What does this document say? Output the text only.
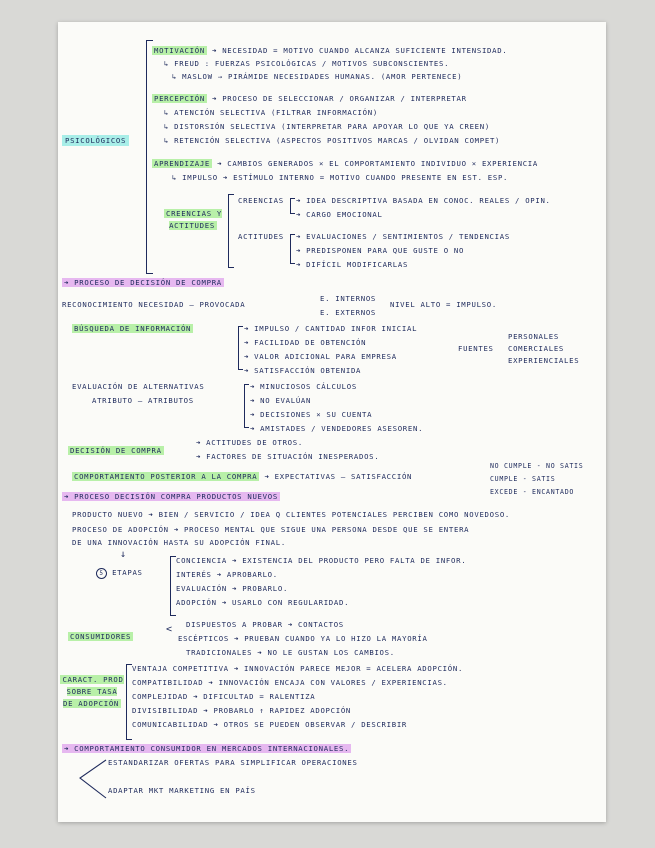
PSICOLÓGICOS
MOTIVACIÓN ➜ NECESIDAD = MOTIVO CUANDO ALCANZA SUFICIENTE INTENSIDAD.
↳ FREUD : FUERZAS PSICOLÓGICAS / MOTIVOS SUBCONSCIENTES.
↳ MASLOW → PIRÁMIDE NECESIDADES HUMANAS. (AMOR PERTENECE)
PERCEPCIÓN ➜ PROCESO DE SELECCIONAR / ORGANIZAR / INTERPRETAR
↳ ATENCIÓN SELECTIVA (FILTRAR INFORMACIÓN)
↳ DISTORSIÓN SELECTIVA (INTERPRETAR PARA APOYAR LO QUE YA CREEN)
↳ RETENCIÓN SELECTIVA (ASPECTOS POSITIVOS MARCAS / OLVIDAN COMPET)
APRENDIZAJE ➜ CAMBIOS GENERADOS × EL COMPORTAMIENTO INDIVIDUO × EXPERIENCIA
↳ IMPULSO ➜ ESTÍMULO INTERNO = MOTIVO CUANDO PRESENTE EN EST. ESP.
CREENCIAS Y ACTITUDES
CREENCIAS ➜ IDEA DESCRIPTIVA BASADA EN CONOC. REALES / OPIN.
➜ CARGO EMOCIONAL
ACTITUDES ➜ EVALUACIONES / SENTIMIENTOS / TENDENCIAS
➜ PREDISPONEN PARA QUE GUSTE O NO
➜ DIFÍCIL MODIFICARLAS
➜ PROCESO DE DECISIÓN DE COMPRA
RECONOCIMIENTO NECESIDAD — PROVOCADA
E. INTERNOS
E. EXTERNOS
NIVEL ALTO = IMPULSO.
BÚSQUEDA DE INFORMACIÓN	➜ IMPULSO / CANTIDAD INFOR INICIAL
➜ FACILIDAD DE OBTENCIÓN
➜ VALOR ADICIONAL PARA EMPRESA
➜ SATISFACCIÓN OBTENIDA
FUENTES
PERSONALES
COMERCIALES
EXPERIENCIALES
EVALUACIÓN DE ALTERNATIVAS
ATRIBUTO — ATRIBUTOS
➜ MINUCIOSOS CÁLCULOS
➜ NO EVALÚAN
➜ DECISIONES × SU CUENTA
➜ AMISTADES / VENDEDORES ASESOREN.
DECISIÓN DE COMPRA
➜ ACTITUDES DE OTROS.
➜ FACTORES DE SITUACIÓN INESPERADOS.
COMPORTAMIENTO POSTERIOR A LA COMPRA ➜ EXPECTATIVAS — SATISFACCIÓN
NO CUMPLE - NO SATIS
CUMPLE - SATIS
EXCEDE - ENCANTADO
➜ PROCESO DECISIÓN COMPRA PRODUCTOS NUEVOS
PRODUCTO NUEVO ➜ BIEN / SERVICIO / IDEA Q CLIENTES POTENCIALES PERCIBEN COMO NOVEDOSO.
PROCESO DE ADOPCIÓN ➜ PROCESO MENTAL QUE SIGUE UNA PERSONA DESDE QUE SE ENTERA
DE UNA INNOVACIÓN HASTA SU ADOPCIÓN FINAL.
↓
5 ETAPAS
CONCIENCIA ➜ EXISTENCIA DEL PRODUCTO PERO FALTA DE INFOR.
INTERÉS ➜ APROBARLO.
EVALUACIÓN ➜ PROBARLO.
ADOPCIÓN ➜ USARLO CON REGULARIDAD.
CONSUMIDORES
< DISPUESTOS A PROBAR ➜ CONTACTOS
ESCÉPTICOS ➜ PRUEBAN CUANDO YA LO HIZO LA MAYORÍA
TRADICIONALES ➜ NO LE GUSTAN LOS CAMBIOS.
CARACT. PROD SOBRE TASA DE ADOPCIÓN
VENTAJA COMPETITIVA ➜ INNOVACIÓN PARECE MEJOR = ACELERA ADOPCIÓN.
COMPATIBILIDAD ➜ INNOVACIÓN ENCAJA CON VALORES / EXPERIENCIAS.
COMPLEJIDAD ➜ DIFICULTAD = RALENTIZA
DIVISIBILIDAD ➜ PROBARLO ↑ RAPIDEZ ADOPCIÓN
COMUNICABILIDAD ➜ OTROS SE PUEDEN OBSERVAR / DESCRIBIR
➜ COMPORTAMIENTO CONSUMIDOR EN MERCADOS INTERNACIONALES.
ESTANDARIZAR OFERTAS PARA SIMPLIFICAR OPERACIONES
ADAPTAR MKT MARKETING EN PAÍS
